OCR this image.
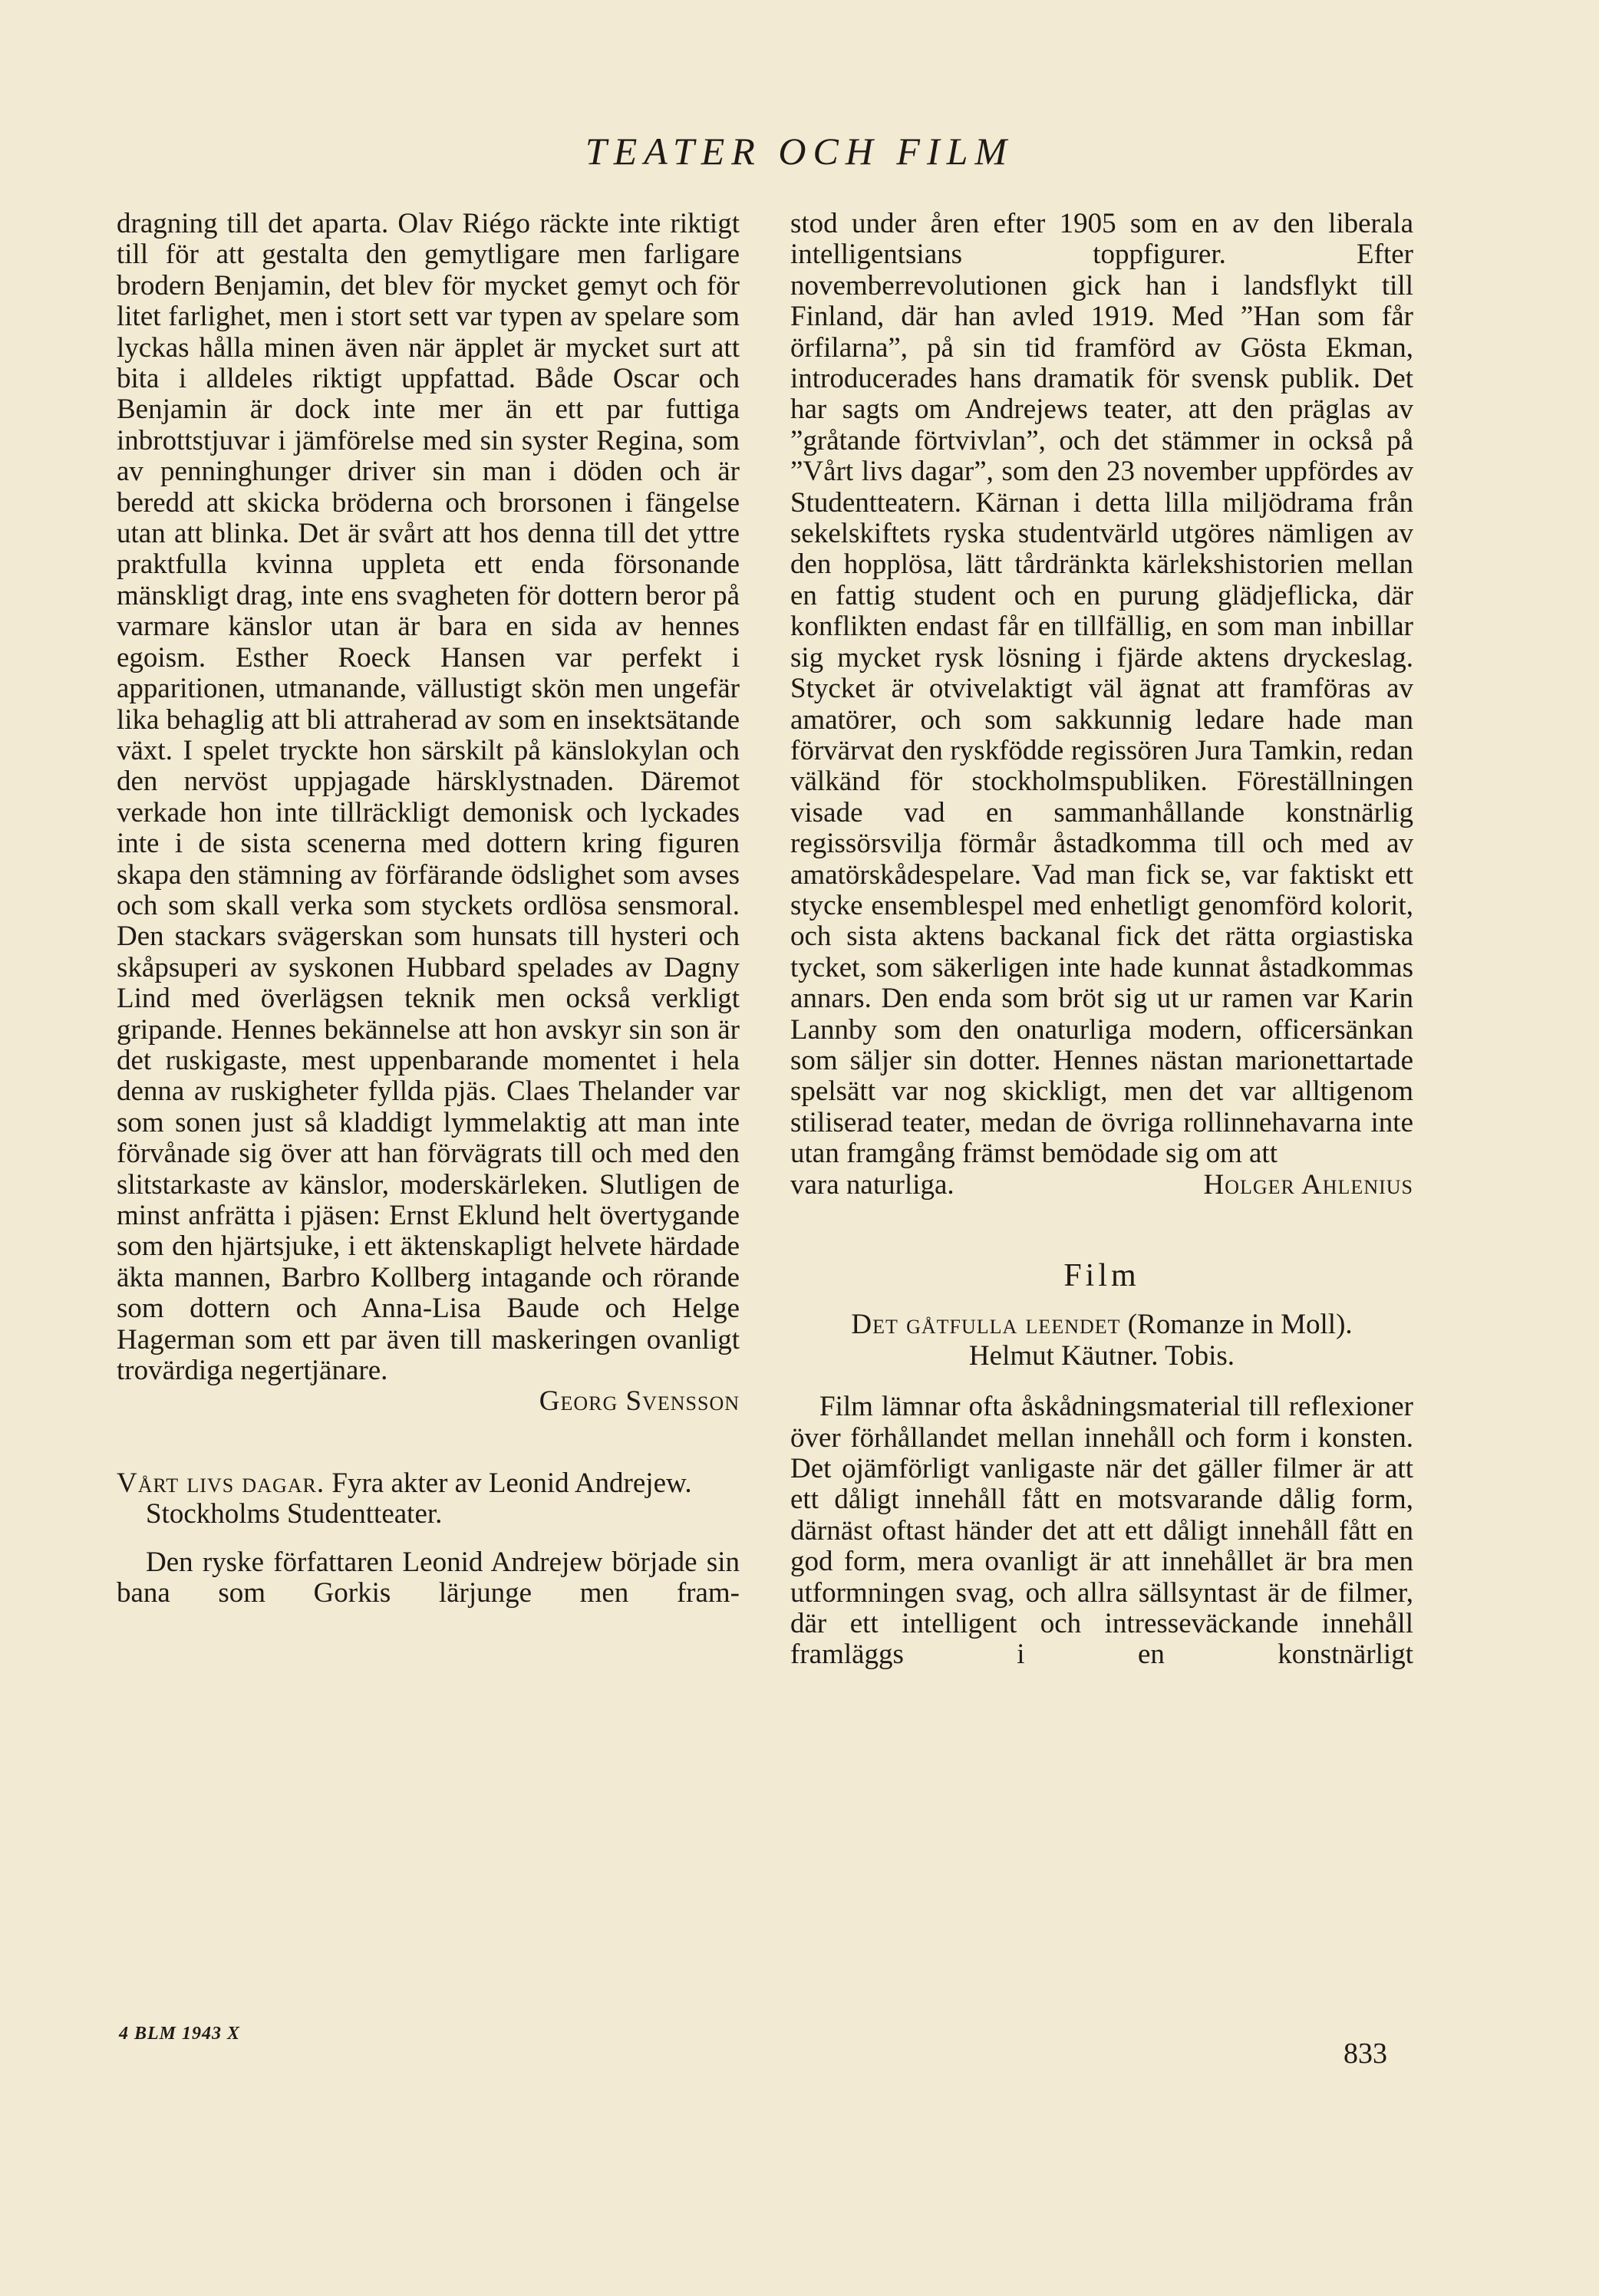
TEATER OCH FILM

dragning till det aparta. Olav Riégo räckte inte riktigt till för att gestalta den gemytligare men farligare brodern Benjamin, det blev för mycket gemyt och för litet farlighet, men i stort sett var typen av spelare som lyckas hålla minen även när äpplet är mycket surt att bita i alldeles riktigt uppfattad. Både Oscar och Benjamin är dock inte mer än ett par futtiga inbrottstjuvar i jämförelse med sin syster Regina, som av penninghunger driver sin man i döden och är beredd att skicka bröderna och brorsonen i fängelse utan att blinka. Det är svårt att hos denna till det yttre praktfulla kvinna uppleta ett enda försonande mänskligt drag, inte ens svagheten för dottern beror på varmare känslor utan är bara en sida av hennes egoism. Esther Roeck Hansen var perfekt i apparitionen, utmanande, vällustigt skön men ungefär lika behaglig att bli attraherad av som en insektsätande växt. I spelet tryckte hon särskilt på känslokylan och den nervöst uppjagade härsklystnaden. Däremot verkade hon inte tillräckligt demonisk och lyckades inte i de sista scenerna med dottern kring figuren skapa den stämning av förfärande ödslighet som avses och som skall verka som styckets ordlösa sensmoral. Den stackars svägerskan som hunsats till hysteri och skåpsuperi av syskonen Hubbard spelades av Dagny Lind med överlägsen teknik men också verkligt gripande. Hennes bekännelse att hon avskyr sin son är det ruskigaste, mest uppenbarande momentet i hela denna av ruskigheter fyllda pjäs. Claes Thelander var som sonen just så kladdigt lymmelaktig att man inte förvånade sig över att han förvägrats till och med den slitstarkaste av känslor, moderskärleken. Slutligen de minst anfrätta i pjäsen: Ernst Eklund helt övertygande som den hjärtsjuke, i ett äktenskapligt helvete härdade äkta mannen, Barbro Kollberg intagande och rörande som dottern och Anna-Lisa Baude och Helge Hagerman som ett par även till maskeringen ovanligt trovärdiga negertjänare.

Georg Svensson

Vårt livs dagar. Fyra akter av Leonid Andrejew.
Stockholms Studentteater.

Den ryske författaren Leonid Andrejew började sin bana som Gorkis lärjunge men fram-

stod under åren efter 1905 som en av den liberala intelligentsians toppfigurer. Efter novemberrevolutionen gick han i landsflykt till Finland, där han avled 1919. Med ”Han som får örfilarna”, på sin tid framförd av Gösta Ekman, introducerades hans dramatik för svensk publik. Det har sagts om Andrejews teater, att den präglas av ”gråtande förtvivlan”, och det stämmer in också på ”Vårt livs dagar”, som den 23 november uppfördes av Studentteatern. Kärnan i detta lilla miljödrama från sekelskiftets ryska studentvärld utgöres nämligen av den hopplösa, lätt tårdränkta kärlekshistorien mellan en fattig student och en purung glädjeflicka, där konflikten endast får en tillfällig, en som man inbillar sig mycket rysk lösning i fjärde aktens dryckeslag. Stycket är otvivelaktigt väl ägnat att framföras av amatörer, och som sakkunnig ledare hade man förvärvat den ryskfödde regissören Jura Tamkin, redan välkänd för stockholmspubliken. Föreställningen visade vad en sammanhållande konstnärlig regissörsvilja förmår åstadkomma till och med av amatörskådespelare. Vad man fick se, var faktiskt ett stycke ensemblespel med enhetligt genomförd kolorit, och sista aktens backanal fick det rätta orgiastiska tycket, som säkerligen inte hade kunnat åstadkommas annars. Den enda som bröt sig ut ur ramen var Karin Lannby som den onaturliga modern, officersänkan som säljer sin dotter. Hennes nästan marionettartade spelsätt var nog skickligt, men det var alltigenom stiliserad teater, medan de övriga rollinnehavarna inte utan framgång främst bemödade sig om att

vara naturliga.	Holger Ahlenius

Film

Det gåtfulla leendet (Romanze in Moll).
Helmut Käutner. Tobis.

Film lämnar ofta åskådningsmaterial till reflexioner över förhållandet mellan innehåll och form i konsten. Det ojämförligt vanligaste när det gäller filmer är att ett dåligt innehåll fått en motsvarande dålig form, därnäst oftast händer det att ett dåligt innehåll fått en god form, mera ovanligt är att innehållet är bra men utformningen svag, och allra sällsyntast är de filmer, där ett intelligent och intresseväckande innehåll framläggs i en konstnärligt

4 BLM 1943 X
833
